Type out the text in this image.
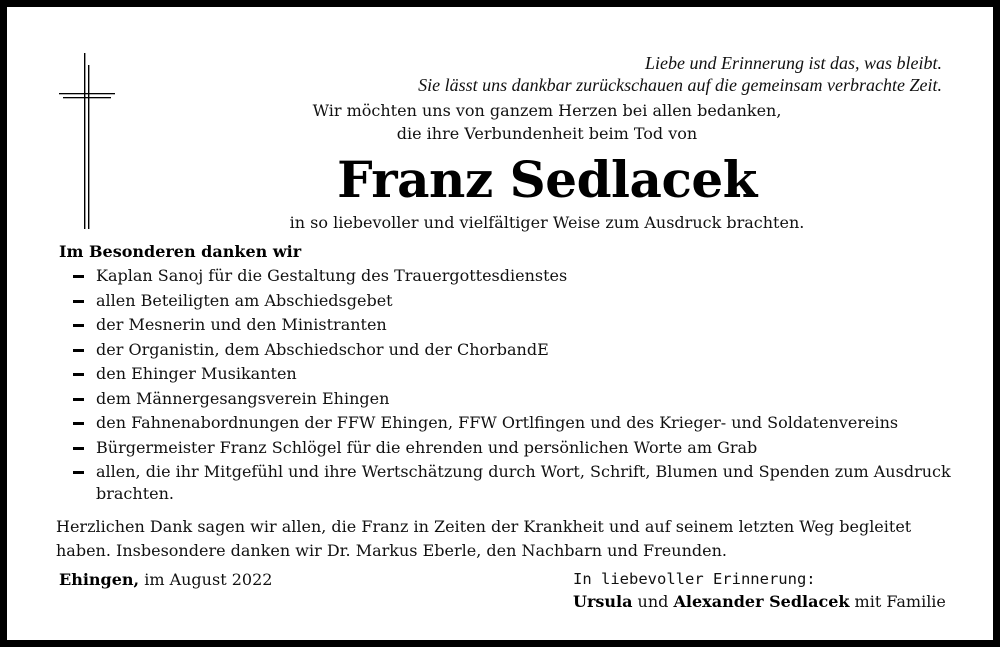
Liebe und Erinnerung ist das, was bleibt.
Sie lässt uns dankbar zurückschauen auf die gemeinsam verbrachte Zeit.
Wir möchten uns von ganzem Herzen bei allen bedanken,
die ihre Verbundenheit beim Tod von
Franz Sedlacek
in so liebevoller und vielfältiger Weise zum Ausdruck brachten.
Im Besonderen danken wir
Kaplan Sanoj für die Gestaltung des Trauergottesdienstes
allen Beteiligten am Abschiedsgebet
der Mesnerin und den Ministranten
der Organistin, dem Abschiedschor und der ChorbandE
den Ehinger Musikanten
dem Männergesangsverein Ehingen
den Fahnenabordnungen der FFW Ehingen, FFW Ortlfingen und des Krieger- und Soldatenvereins
Bürgermeister Franz Schlögel für die ehrenden und persönlichen Worte am Grab
allen, die ihr Mitgefühl und ihre Wertschätzung durch Wort, Schrift, Blumen und Spenden zum Ausdruck brachten.
Herzlichen Dank sagen wir allen, die Franz in Zeiten der Krankheit und auf seinem letzten Weg begleitet
haben. Insbesondere danken wir Dr. Markus Eberle, den Nachbarn und Freunden.
Ehingen, im August 2022	In liebevoller Erinnerung:
Ursula und Alexander Sedlacek mit Familie
